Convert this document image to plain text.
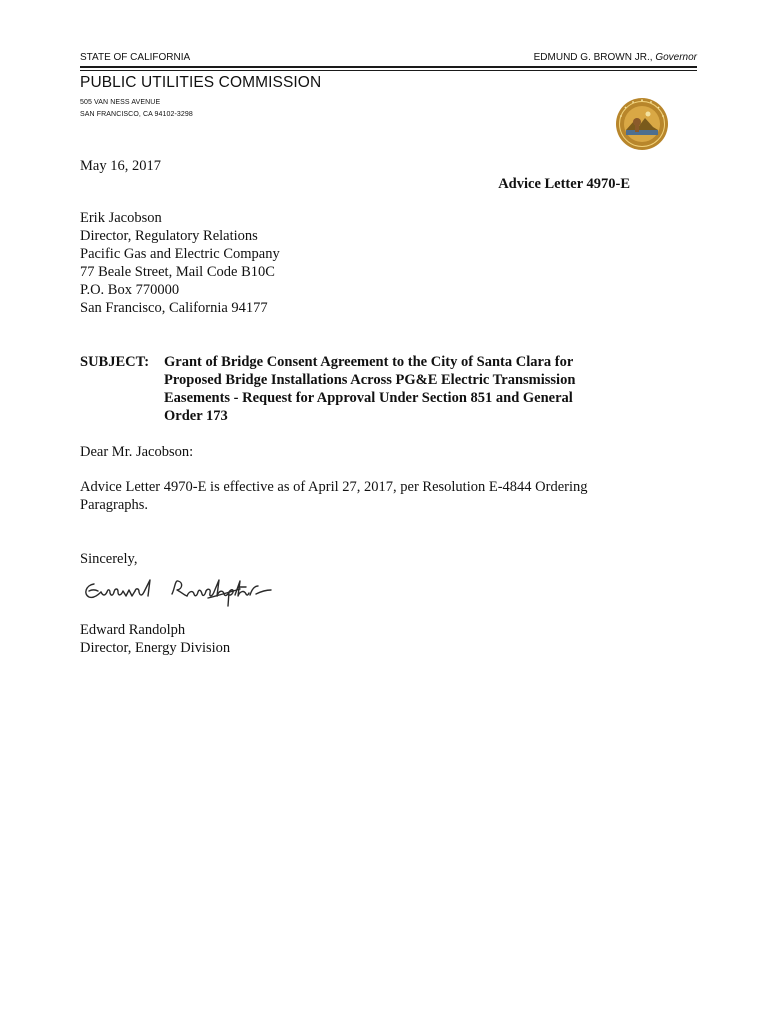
STATE OF CALIFORNIA	EDMUND G. BROWN JR., Governor
PUBLIC UTILITIES COMMISSION
505 VAN NESS AVENUE
SAN FRANCISCO, CA 94102-3298
May 16, 2017
Advice Letter 4970-E
Erik Jacobson
Director, Regulatory Relations
Pacific Gas and Electric Company
77 Beale Street, Mail Code B10C
P.O. Box 770000
San Francisco, California 94177
SUBJECT: Grant of Bridge Consent Agreement to the City of Santa Clara for
Proposed Bridge Installations Across PG&E Electric Transmission
Easements - Request for Approval Under Section 851 and General
Order 173
Dear Mr. Jacobson:
Advice Letter 4970-E is effective as of April 27, 2017, per Resolution E-4844 Ordering
Paragraphs.
Sincerely,
Edward Randolph
Director, Energy Division
